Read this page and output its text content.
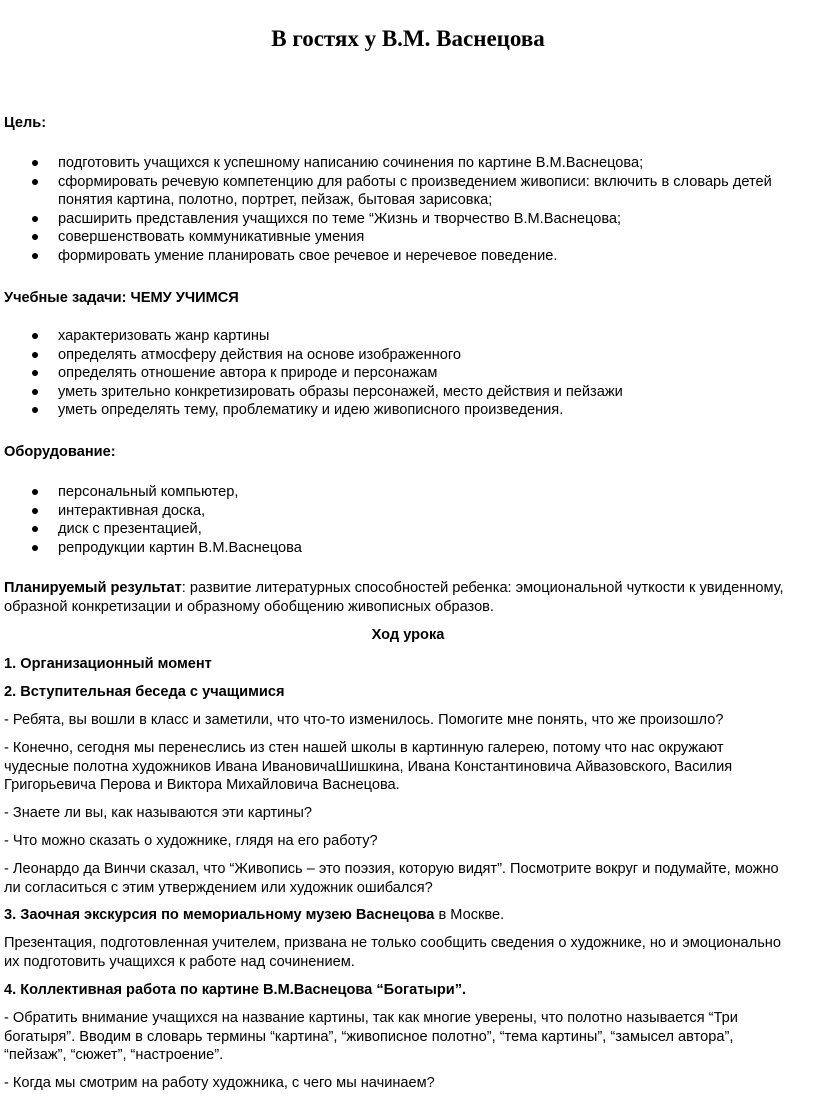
В гостях у В.М. Васнецова
Цель:
подготовить учащихся к успешному написанию сочинения по картине В.М.Васнецова;
сформировать речевую компетенцию для работы с произведением живописи: включить в словарь детей понятия картина, полотно, портрет, пейзаж, бытовая зарисовка;
расширить представления учащихся по теме “Жизнь и творчество В.М.Васнецова;
совершенствовать коммуникативные умения
формировать умение планировать свое речевое и неречевое поведение.
Учебные задачи: ЧЕМУ УЧИМСЯ
характеризовать жанр картины
определять атмосферу действия на основе изображенного
определять отношение автора к природе и персонажам
уметь зрительно конкретизировать образы персонажей, место действия и пейзажи
уметь определять тему, проблематику и идею живописного произведения.
Оборудование:
персональный компьютер,
интерактивная доска,
диск с презентацией,
репродукции картин В.М.Васнецова

Планируемый результат: развитие литературных способностей ребенка: эмоциональной чуткости к увиденному, образной конкретизации и образному обобщению живописных образов.

Ход урока
1. Организационный момент
2. Вступительная беседа с учащимися

- Ребята, вы вошли в класс и заметили, что что-то изменилось. Помогите мне понять, что же произошло?

- Конечно, сегодня мы перенеслись из стен нашей школы в картинную галерею, потому что нас окружают чудесные полотна художников Ивана ИвановичаШишкина, Ивана Константиновича Айвазовского, Василия Григорьевича Перова и Виктора Михайловича Васнецова.

- Знаете ли вы, как называются эти картины?

- Что можно сказать о художнике, глядя на его работу?

- Леонардо да Винчи сказал, что “Живопись – это поэзия, которую видят”. Посмотрите вокруг и подумайте, можно ли согласиться с этим утверждением или художник ошибался?

3. Заочная экскурсия по мемориальному музею Васнецова в Москве.

Презентация, подготовленная учителем, призвана не только сообщить сведения о художнике, но и эмоционально их подготовить учащихся к работе над сочинением.

4. Коллективная работа по картине В.М.Васнецова “Богатыри”.

- Обратить внимание учащихся на название картины, так как многие уверены, что полотно называется “Три богатыря”. Вводим в словарь термины “картина”, “живописное полотно”, “тема картины”, “замысел автора”, “пейзаж”, “сюжет”, “настроение”.

- Когда мы смотрим на работу художника, с чего мы начинаем?
